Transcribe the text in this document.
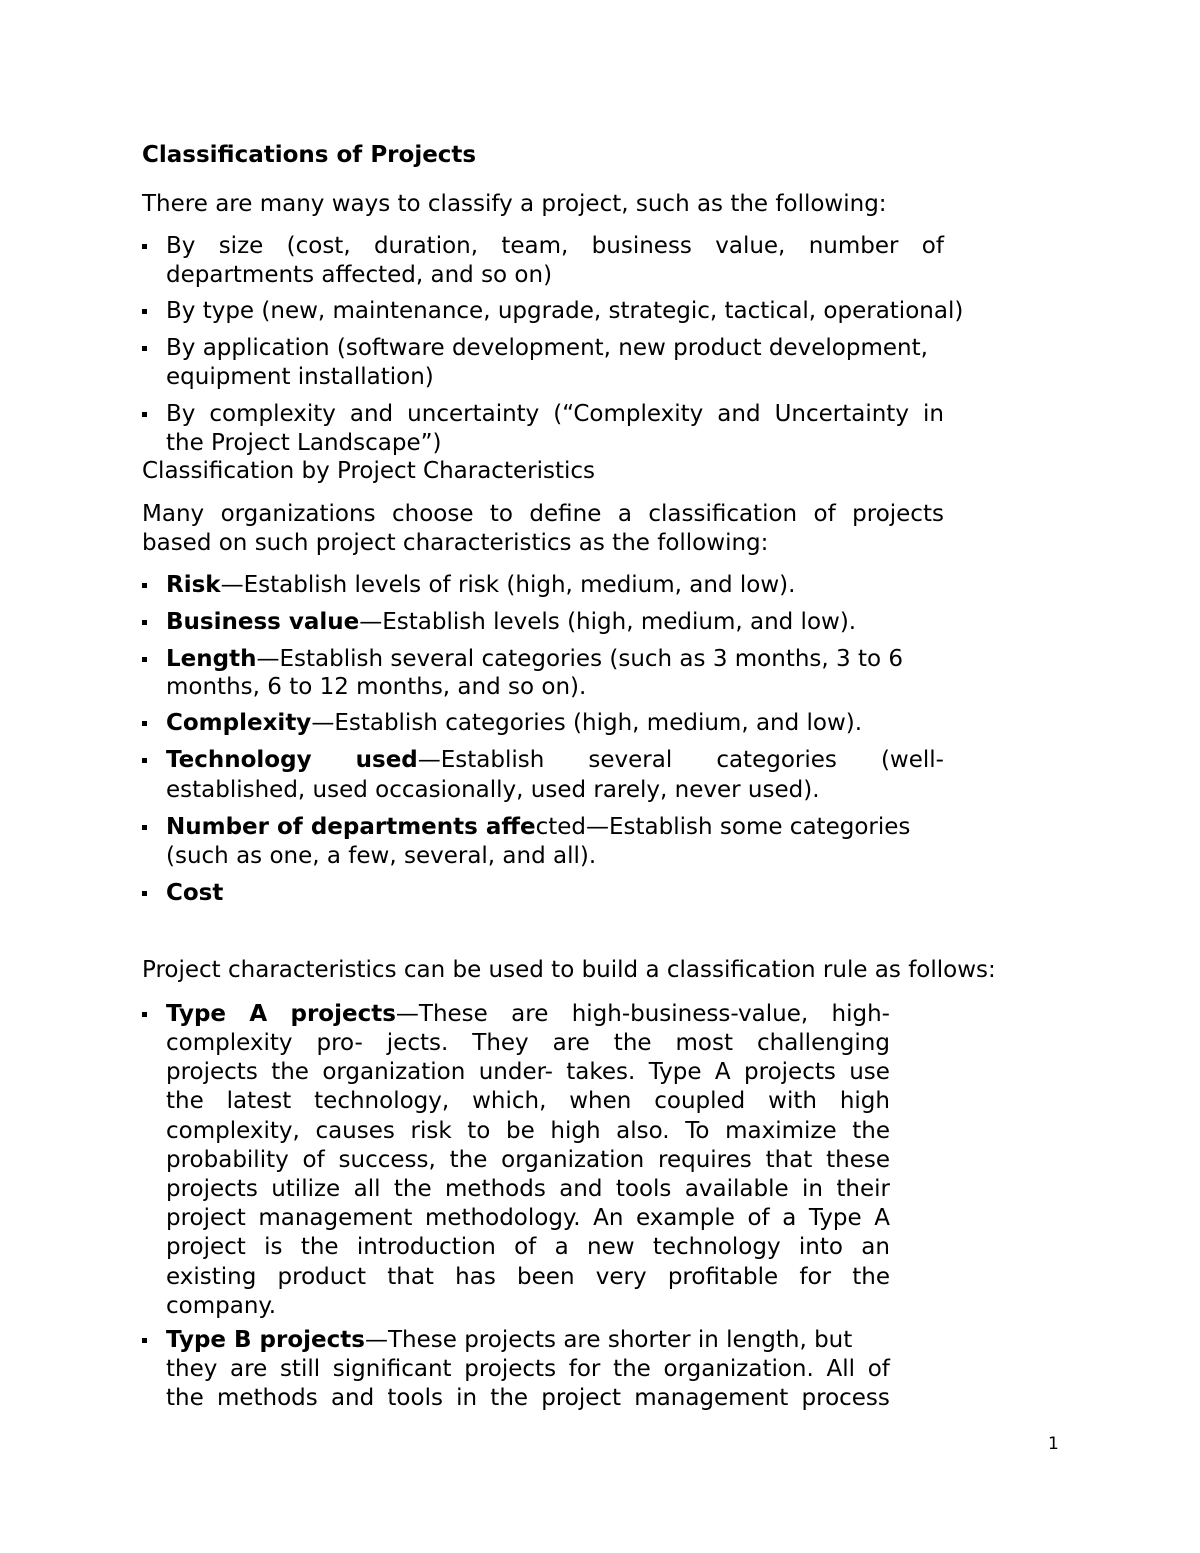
Classifications of Projects
There are many ways to classify a project, such as the following:
By size (cost, duration, team, business value, number of
departments affected, and so on)
By type (new, maintenance, upgrade, strategic, tactical, operational)
By application (software development, new product development,
equipment installation)
By complexity and uncertainty (“Complexity and Uncertainty in
the Project Landscape”)
Classification by Project Characteristics
Many organizations choose to define a classification of projects
based on such project characteristics as the following:
Risk—Establish levels of risk (high, medium, and low).
Business value—Establish levels (high, medium, and low).
Length—Establish several categories (such as 3 months, 3 to 6
months, 6 to 12 months, and so on).
Complexity—Establish categories (high, medium, and low).
Technology used—Establish several categories (well-
established, used occasionally, used rarely, never used).
Number of departments affected—Establish some categories
(such as one, a few, several, and all).
Cost
Project characteristics can be used to build a classification rule as follows:
Type A projects—These are high-business-value, high-
complexity pro- jects. They are the most challenging
projects the organization under- takes. Type A projects use
the latest technology, which, when coupled with high
complexity, causes risk to be high also. To maximize the
probability of success, the organization requires that these
projects utilize all the methods and tools available in their
project management methodology. An example of a Type A
project is the introduction of a new technology into an
existing product that has been very profitable for the
company.
Type B projects—These projects are shorter in length, but
they are still significant projects for the organization. All of
the methods and tools in the project management process
1
